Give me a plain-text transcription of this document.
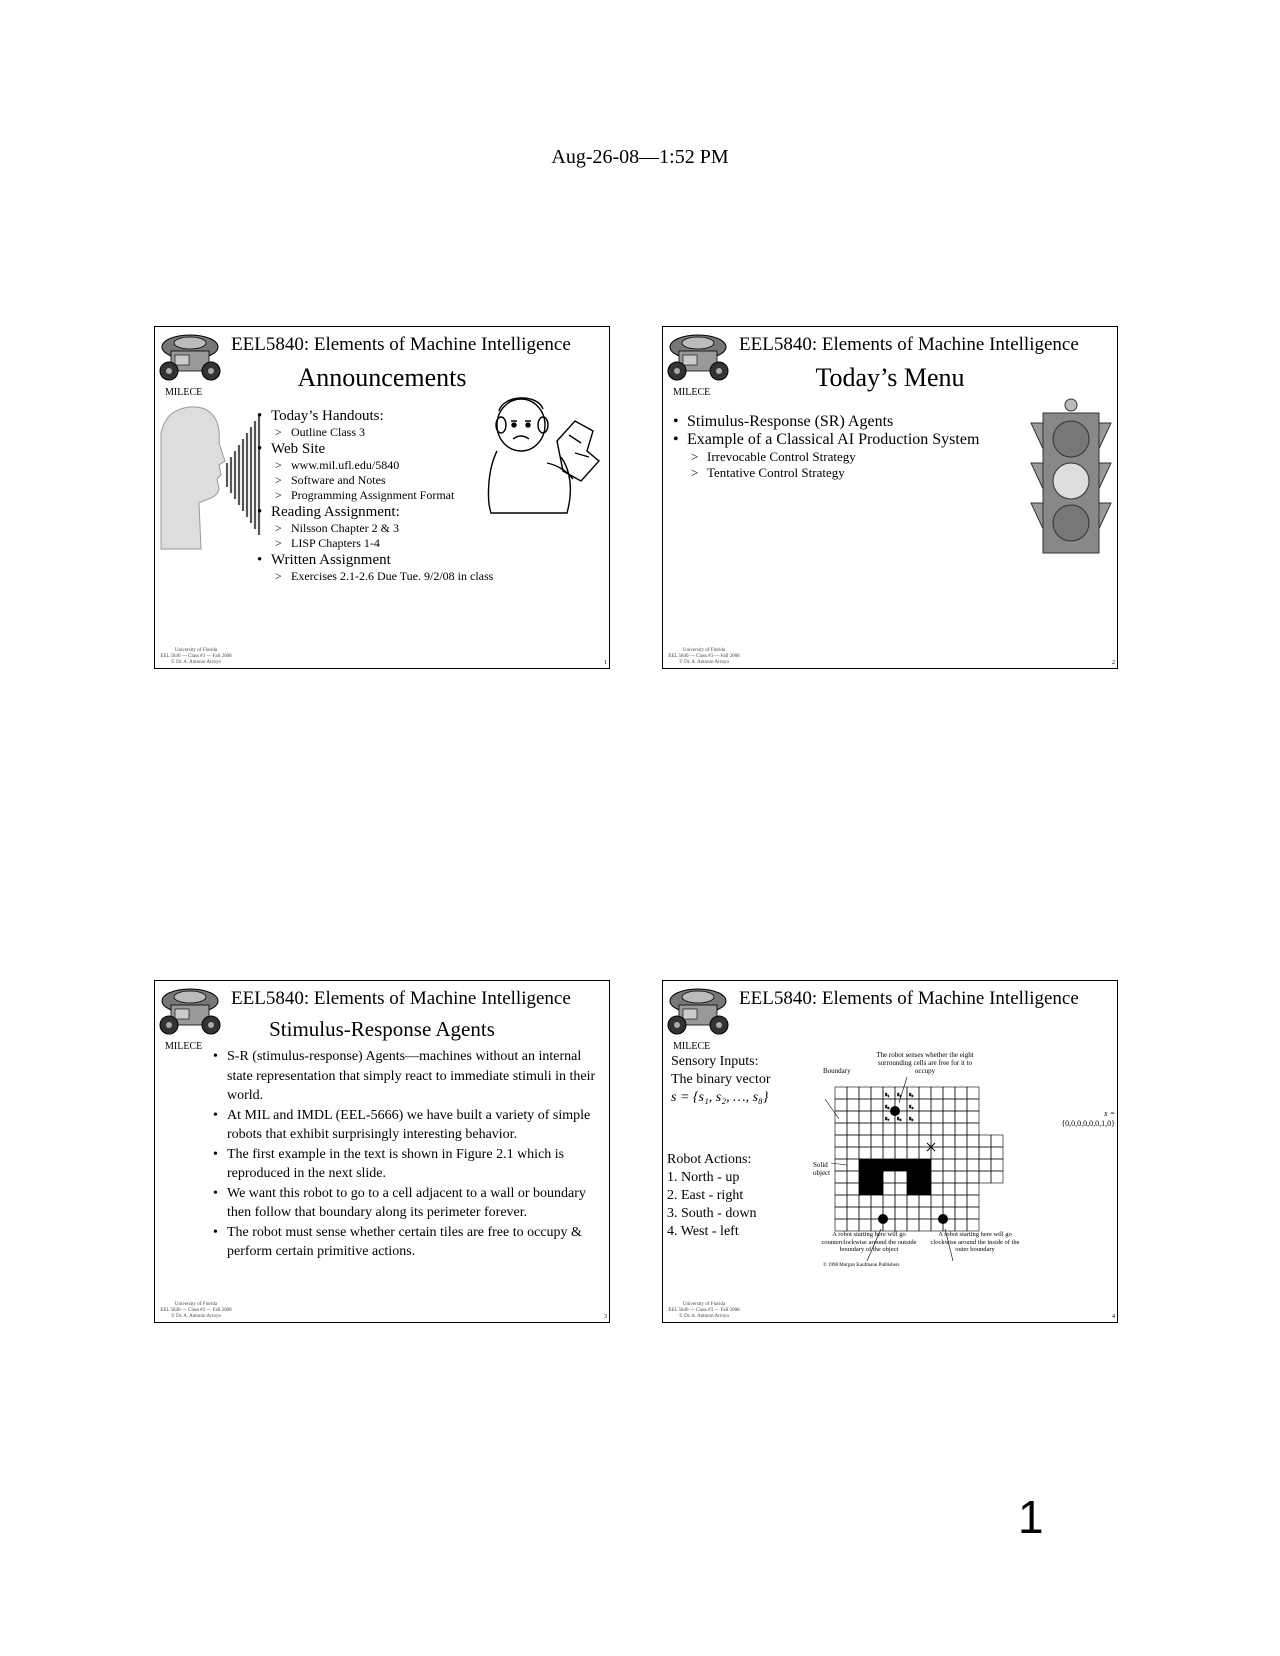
Aug-26-08—1:52 PM
MILECE
EEL5840: Elements of Machine Intelligence
Announcements
• Today’s Handouts:
> Outline Class 3
• Web Site
> www.mil.ufl.edu/5840
> Software and Notes
> Programming Assignment Format
• Reading Assignment:
> Nilsson Chapter 2 & 3
> LISP Chapters 1-4
• Written Assignment
> Exercises 2.1-2.6 Due Tue. 9/2/08 in class
University of Florida
EEL 5840 — Class #3 — Fall 2008
© Dr. A. Antonio Arroyo	1
MILECE
EEL5840: Elements of Machine Intelligence
Today’s Menu
• Stimulus-Response (SR) Agents
• Example of a Classical AI Production System
> Irrevocable Control Strategy
> Tentative Control Strategy
University of Florida
EEL 5840 — Class #3 — Fall 2008
© Dr. A. Antonio Arroyo	2
MILECE
EEL5840: Elements of Machine Intelligence
Stimulus-Response Agents
• S-R (stimulus-response) Agents—machines without an internal state representation that simply react to immediate stimuli in their world.
• At MIL and IMDL (EEL-5666) we have built a variety of simple robots that exhibit surprisingly interesting behavior.
• The first example in the text is shown in Figure 2.1 which is reproduced in the next slide.
• We want this robot to go to a cell adjacent to a wall or boundary then follow that boundary along its perimeter forever.
• The robot must sense whether certain tiles are free to occupy & perform certain primitive actions.
University of Florida
EEL 5840 — Class #3 — Fall 2008
© Dr. A. Antonio Arroyo	3
MILECE
EEL5840: Elements of Machine Intelligence
Sensory Inputs:
The binary vector
s = {s₁, s₂, …, s₈}
Robot Actions:
1. North - up
2. East - right
3. South - down
4. West - left
s₁ s₂ s₃
s₈	s₄
s₇ s₆ s₅
Boundary
Solid object
The robot senses whether the eight surrounding cells are free for it to occupy
x =
{0,0,0,0,0,0,1,0}
A robot starting here will go counterclockwise around the outside boundary of the object
A robot starting here will go clockwise around the inside of the outer boundary
© 1998 Morgan Kaufmann Publishers
University of Florida
EEL 5840 — Class #3 — Fall 2008
© Dr. A. Antonio Arroyo	4
1
